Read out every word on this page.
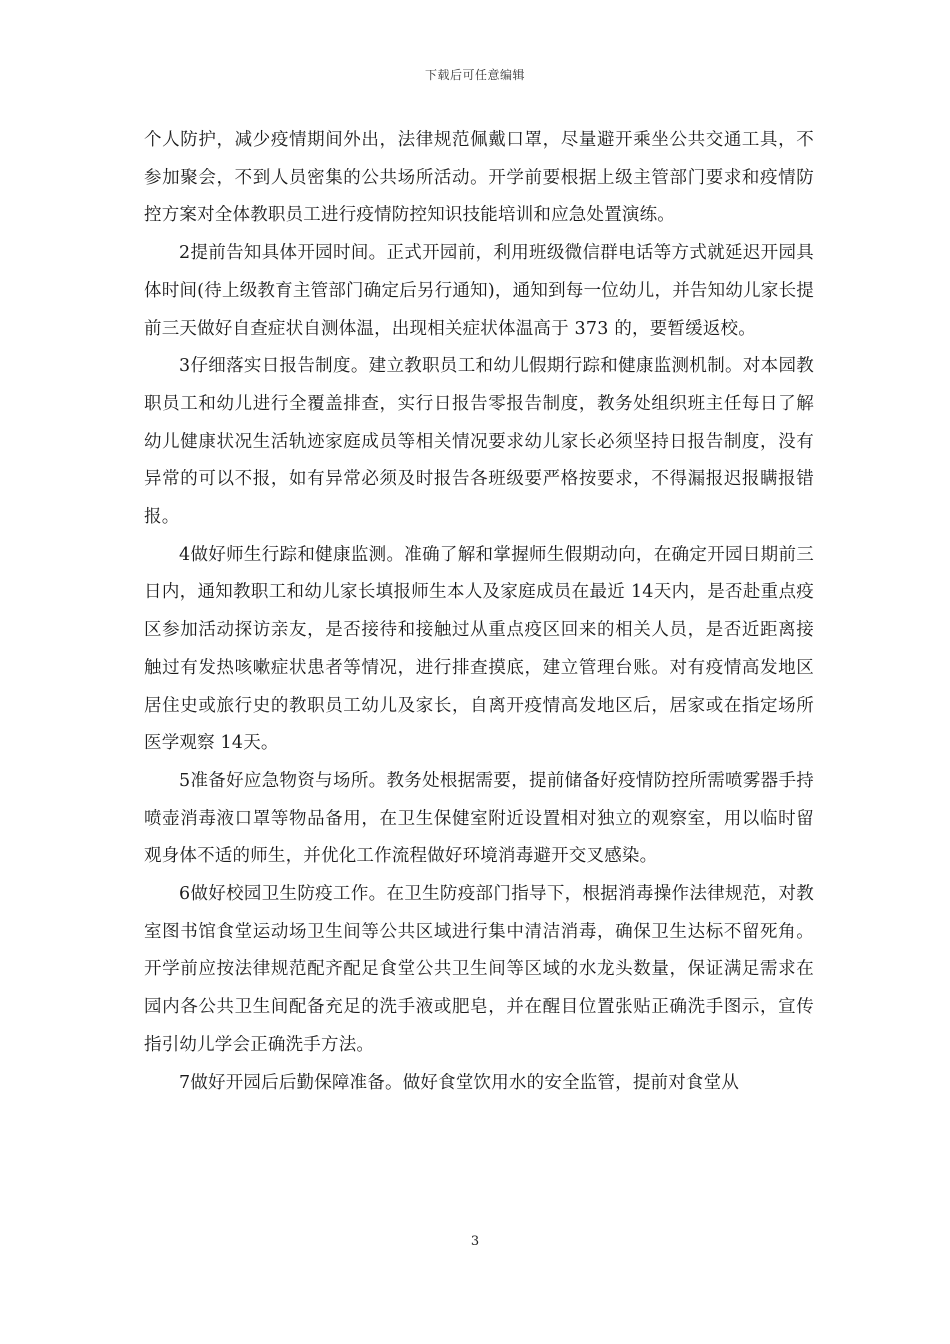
下载后可任意编辑

个人防护，减少疫情期间外出，法律规范佩戴口罩，尽量避开乘坐公共交通工具，不参加聚会，不到人员密集的公共场所活动。开学前要根据上级主管部门要求和疫情防控方案对全体教职员工进行疫情防控知识技能培训和应急处置演练。

2提前告知具体开园时间。正式开园前，利用班级微信群电话等方式就延迟开园具体时间(待上级教育主管部门确定后另行通知)，通知到每一位幼儿，并告知幼儿家长提前三天做好自查症状自测体温，出现相关症状体温高于 373 的，要暂缓返校。

3仔细落实日报告制度。建立教职员工和幼儿假期行踪和健康监测机制。对本园教职员工和幼儿进行全覆盖排查，实行日报告零报告制度，教务处组织班主任每日了解幼儿健康状况生活轨迹家庭成员等相关情况要求幼儿家长必须坚持日报告制度，没有异常的可以不报，如有异常必须及时报告各班级要严格按要求，不得漏报迟报瞒报错报。

4做好师生行踪和健康监测。准确了解和掌握师生假期动向，在确定开园日期前三日内，通知教职工和幼儿家长填报师生本人及家庭成员在最近 14天内，是否赴重点疫区参加活动探访亲友，是否接待和接触过从重点疫区回来的相关人员，是否近距离接触过有发热咳嗽症状患者等情况，进行排查摸底，建立管理台账。对有疫情高发地区居住史或旅行史的教职员工幼儿及家长，自离开疫情高发地区后，居家或在指定场所医学观察 14天。

5准备好应急物资与场所。教务处根据需要，提前储备好疫情防控所需喷雾器手持喷壶消毒液口罩等物品备用，在卫生保健室附近设置相对独立的观察室，用以临时留观身体不适的师生，并优化工作流程做好环境消毒避开交叉感染。

6做好校园卫生防疫工作。在卫生防疫部门指导下，根据消毒操作法律规范，对教室图书馆食堂运动场卫生间等公共区域进行集中清洁消毒，确保卫生达标不留死角。开学前应按法律规范配齐配足食堂公共卫生间等区域的水龙头数量，保证满足需求在园内各公共卫生间配备充足的洗手液或肥皂，并在醒目位置张贴正确洗手图示，宣传指引幼儿学会正确洗手方法。

7做好开园后后勤保障准备。做好食堂饮用水的安全监管，提前对食堂从

3
